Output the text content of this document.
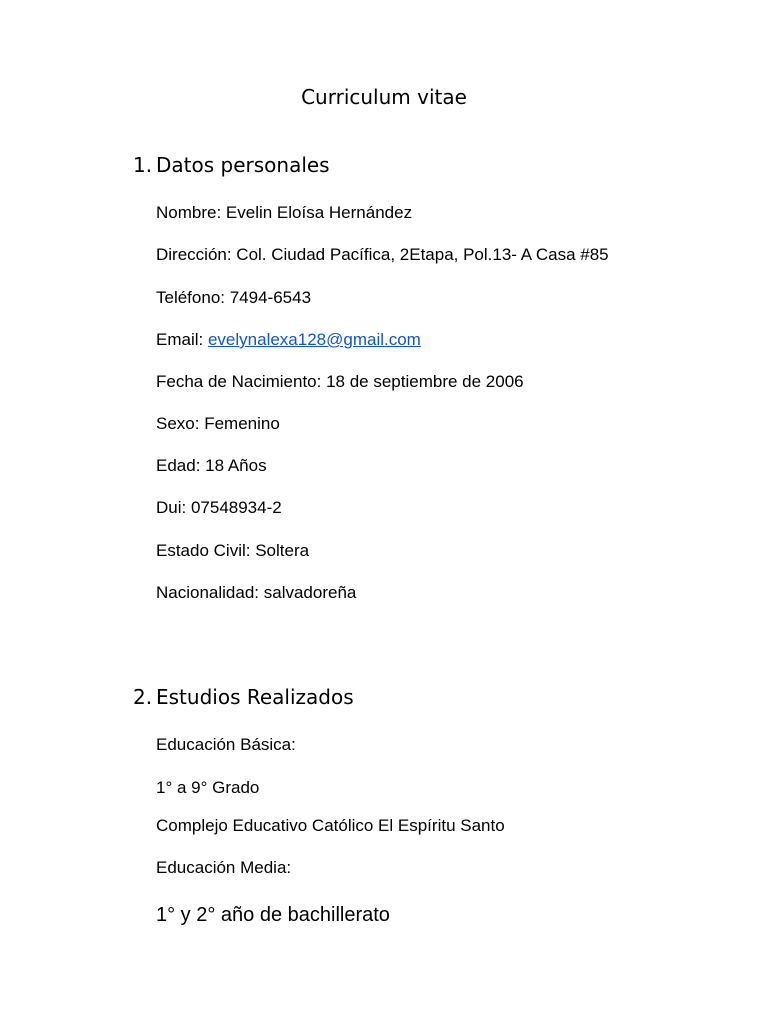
Curriculum vitae
1. Datos personales

Nombre: Evelin Eloísa Hernández

Dirección: Col. Ciudad Pacífica, 2Etapa, Pol.13- A Casa #85

Teléfono: 7494-6543

Email: evelynalexa128@gmail.com

Fecha de Nacimiento: 18 de septiembre de 2006

Sexo: Femenino

Edad: 18 Años

Dui: 07548934-2

Estado Civil: Soltera

Nacionalidad: salvadoreña

2. Estudios Realizados

Educación Básica:

1° a 9° Grado

Complejo Educativo Católico El Espíritu Santo

Educación Media:

1° y 2° año de bachillerato
